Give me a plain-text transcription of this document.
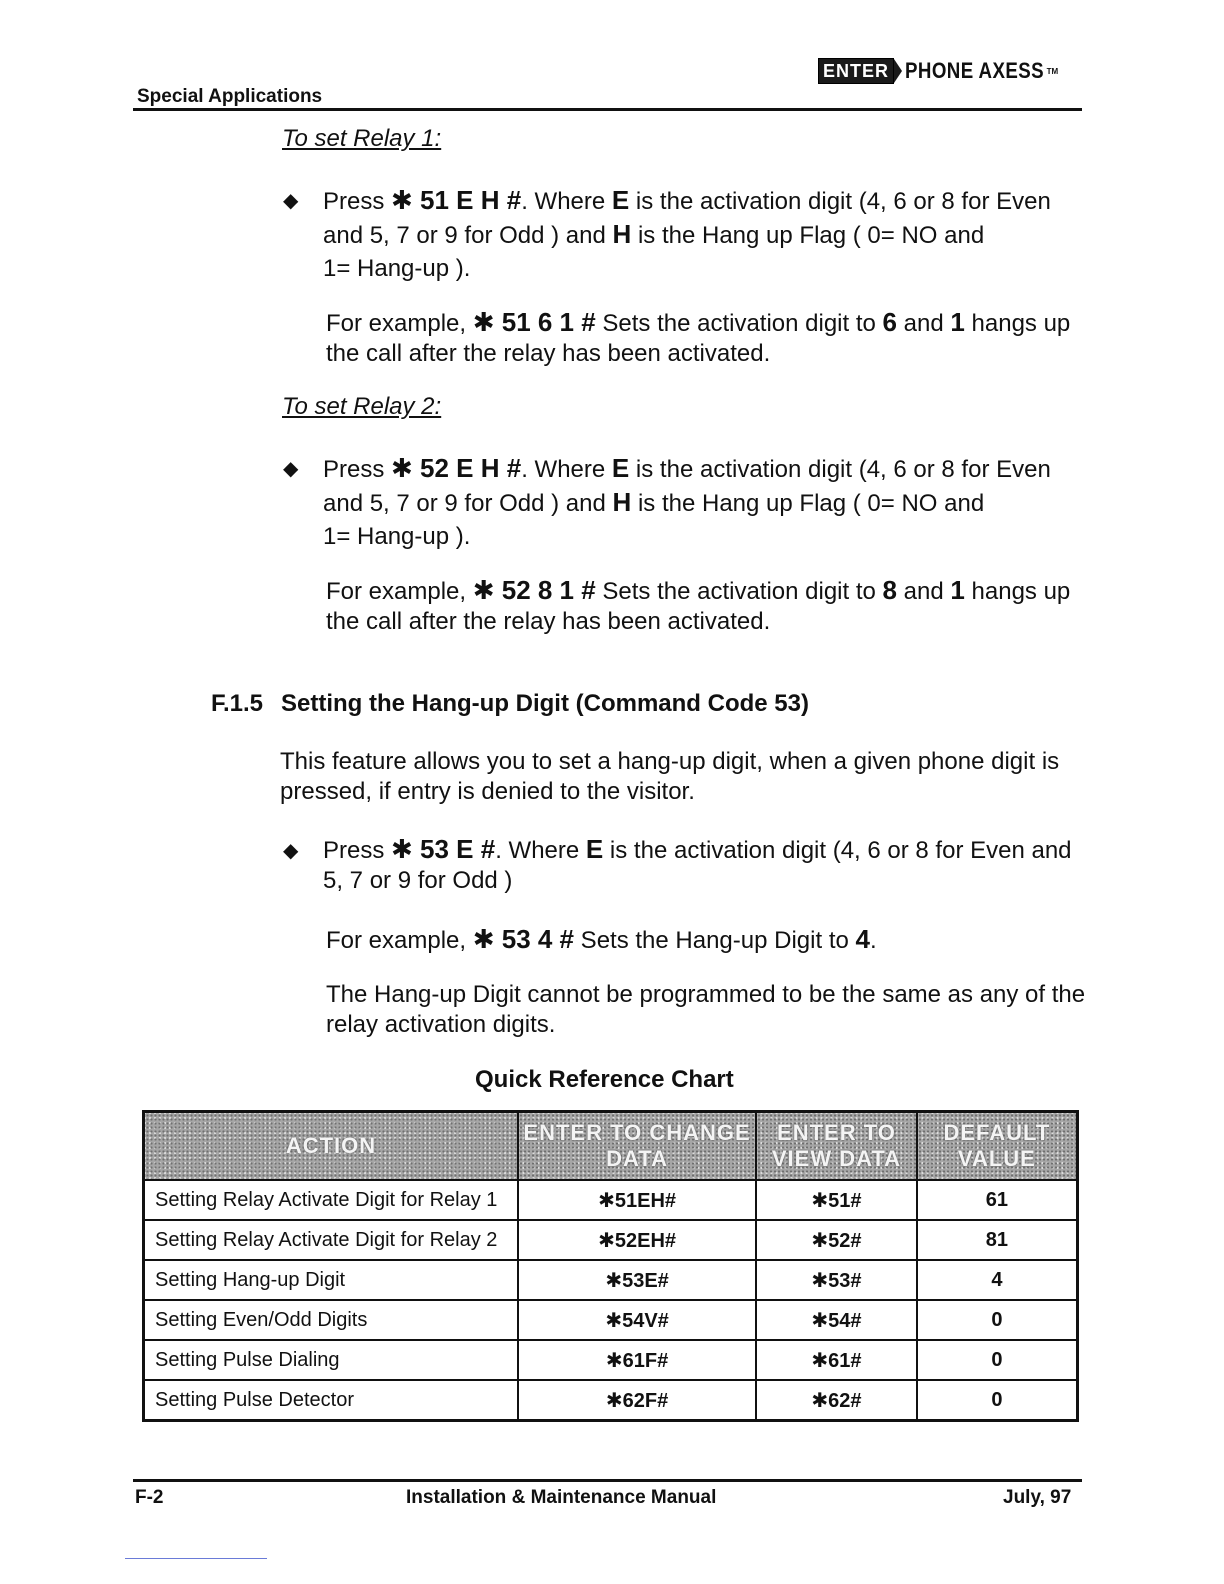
Special Applications
ENTER PHONE AXESS TM
To set Relay 1:
◆	Press ✱ 51 E H #. Where E is the activation digit (4, 6 or 8 for Even and 5, 7 or 9 for Odd ) and H is the Hang up Flag ( 0= NO and
1= Hang-up ).
For example, ✱ 51 6 1 # Sets the activation digit to 6 and 1 hangs up the call after the relay has been activated.
To set Relay 2:
◆	Press ✱ 52 E H #. Where E is the activation digit (4, 6 or 8 for Even and 5, 7 or 9 for Odd ) and H is the Hang up Flag ( 0= NO and
1= Hang-up ).
For example, ✱ 52 8 1 # Sets the activation digit to 8 and 1 hangs up the call after the relay has been activated.
F.1.5 Setting the Hang-up Digit (Command Code 53)
This feature allows you to set a hang-up digit, when a given phone digit is pressed, if entry is denied to the visitor.
◆	Press ✱ 53 E #. Where E is the activation digit (4, 6 or 8 for Even and 5, 7 or 9 for Odd )
For example, ✱ 53 4 # Sets the Hang-up Digit to 4.
The Hang-up Digit cannot be programmed to be the same as any of the relay activation digits.
Quick Reference Chart
ACTION	ENTER TO CHANGE DATA	ENTER TO VIEW DATA	DEFAULT VALUE
Setting Relay Activate Digit for Relay 1	✱51EH#	✱51#	61
Setting Relay Activate Digit for Relay 2	✱52EH#	✱52#	81
Setting Hang-up Digit	✱53E#	✱53#	4
Setting Even/Odd Digits	✱54V#	✱54#	0
Setting Pulse Dialing	✱61F#	✱61#	0
Setting Pulse Detector	✱62F#	✱62#	0
F-2	Installation & Maintenance Manual	July, 97
